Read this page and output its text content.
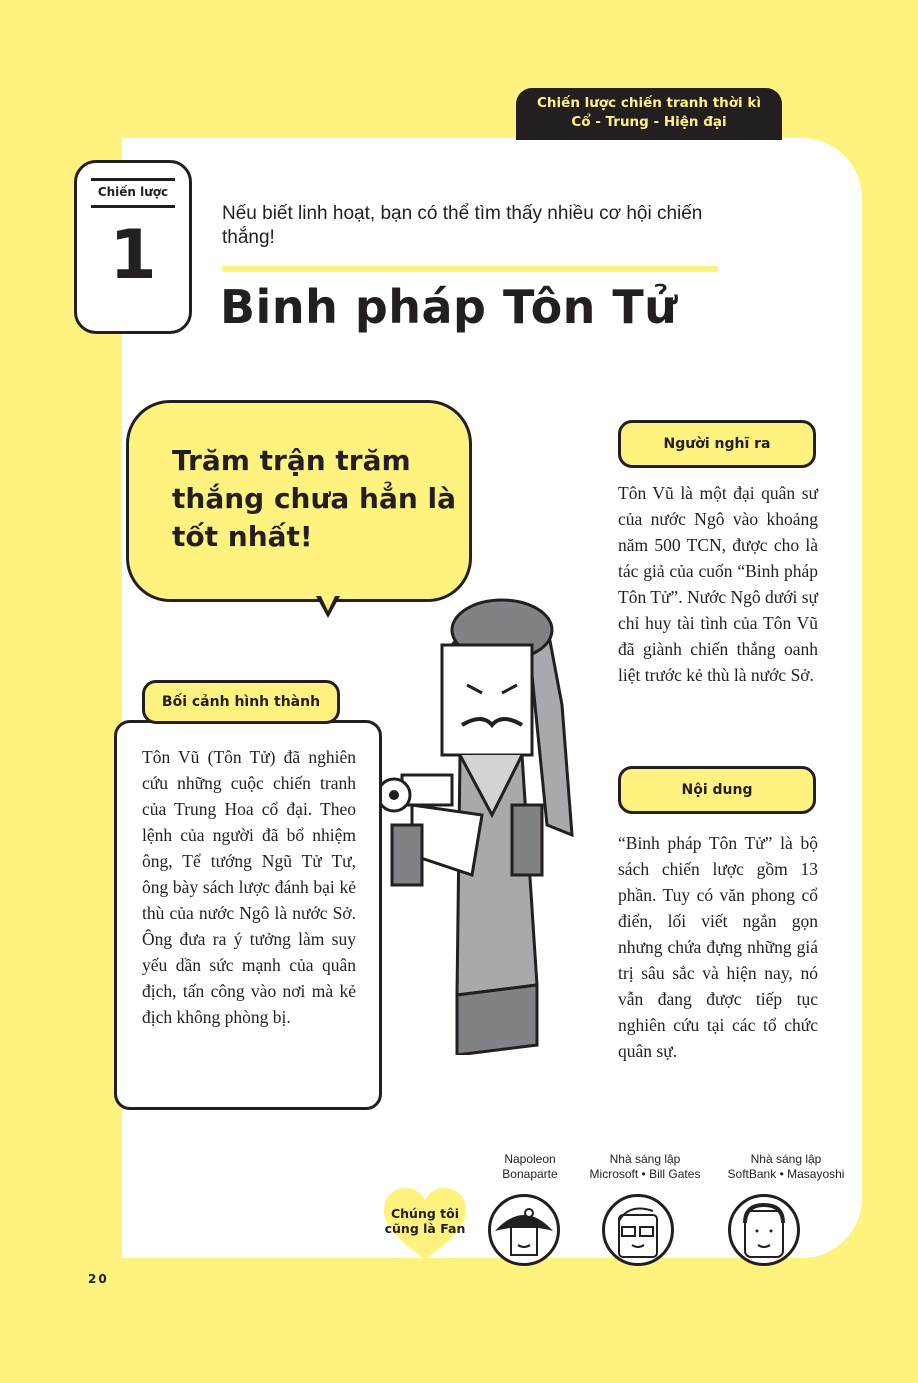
Chiến lược chiến tranh thời kì
Cổ - Trung - Hiện đại
Chiến lược
1
Nếu biết linh hoạt, bạn có thể tìm thấy nhiều cơ hội chiến thắng!
Binh pháp Tôn Tử
Trăm trận trăm thắng chưa hẳn là tốt nhất!
Bối cảnh hình thành
Tôn Vũ (Tôn Tử) đã nghiên cứu những cuộc chiến tranh của Trung Hoa cổ đại. Theo lệnh của người đã bổ nhiệm ông, Tể tướng Ngũ Tử Tư, ông bày sách lược đánh bại kẻ thù của nước Ngô là nước Sở. Ông đưa ra ý tưởng làm suy yếu dần sức mạnh của quân địch, tấn công vào nơi mà kẻ địch không phòng bị.
Người nghĩ ra
Tôn Vũ là một đại quân sư của nước Ngô vào khoảng năm 500 TCN, được cho là tác giả của cuốn “Binh pháp Tôn Tử”. Nước Ngô dưới sự chỉ huy tài tình của Tôn Vũ đã giành chiến thắng oanh liệt trước kẻ thù là nước Sở.
Nội dung
“Binh pháp Tôn Tử” là bộ sách chiến lược gồm 13 phần. Tuy có văn phong cổ điển, lối viết ngắn gọn nhưng chứa đựng những giá trị sâu sắc và hiện nay, nó vẫn đang được tiếp tục nghiên cứu tại các tổ chức quân sự.
Chúng tôi cũng là Fan
Napoleon
Bonaparte
Nhà sáng lập
Microsoft • Bill Gates
Nhà sáng lập
SoftBank • Masayoshi
20
